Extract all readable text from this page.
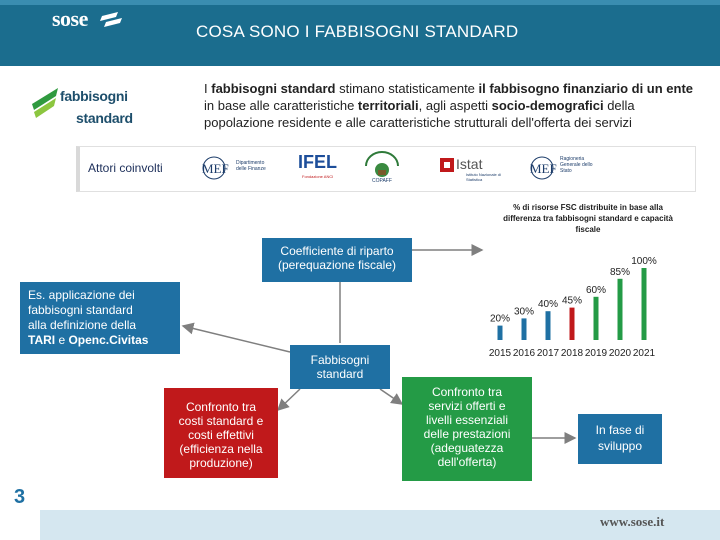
sose
COSA SONO I FABBISOGNI STANDARD
fabbisogni
standard
I fabbisogni standard stimano statisticamente il fabbisogno finanziario di un ente in base alle caratteristiche territoriali, agli aspetti socio-demografici della popolazione residente e alle caratteristiche strutturali dell'offerta dei servizi
Attori coinvolti	MEF Dipartimento delle Finanze	IFEL
Fondazione ANCI
COPAFF
Istat
Istituto Nazionale di Statistica
MEF
Ragioneria Generale dello Stato
Coefficiente di riparto
(perequazione fiscale)
Fabbisogni
standard
Es. applicazione dei
fabbisogni standard
alla definizione della
TARI e Openc.Civitas
Confronto tra
costi standard e
costi effettivi
(efficienza nella
produzione)
Confronto tra
servizi offerti e
livelli essenziali
delle prestazioni
(adeguatezza
dell'offerta)
In fase di
sviluppo
% di risorse FSC distribuite in base alla differenza tra fabbisogni standard e capacità fiscale
20%
2015
30%
2016
40%
2017
45%
2018
60%
2019
85%
2020
100%
2021
3
www.sose.it
